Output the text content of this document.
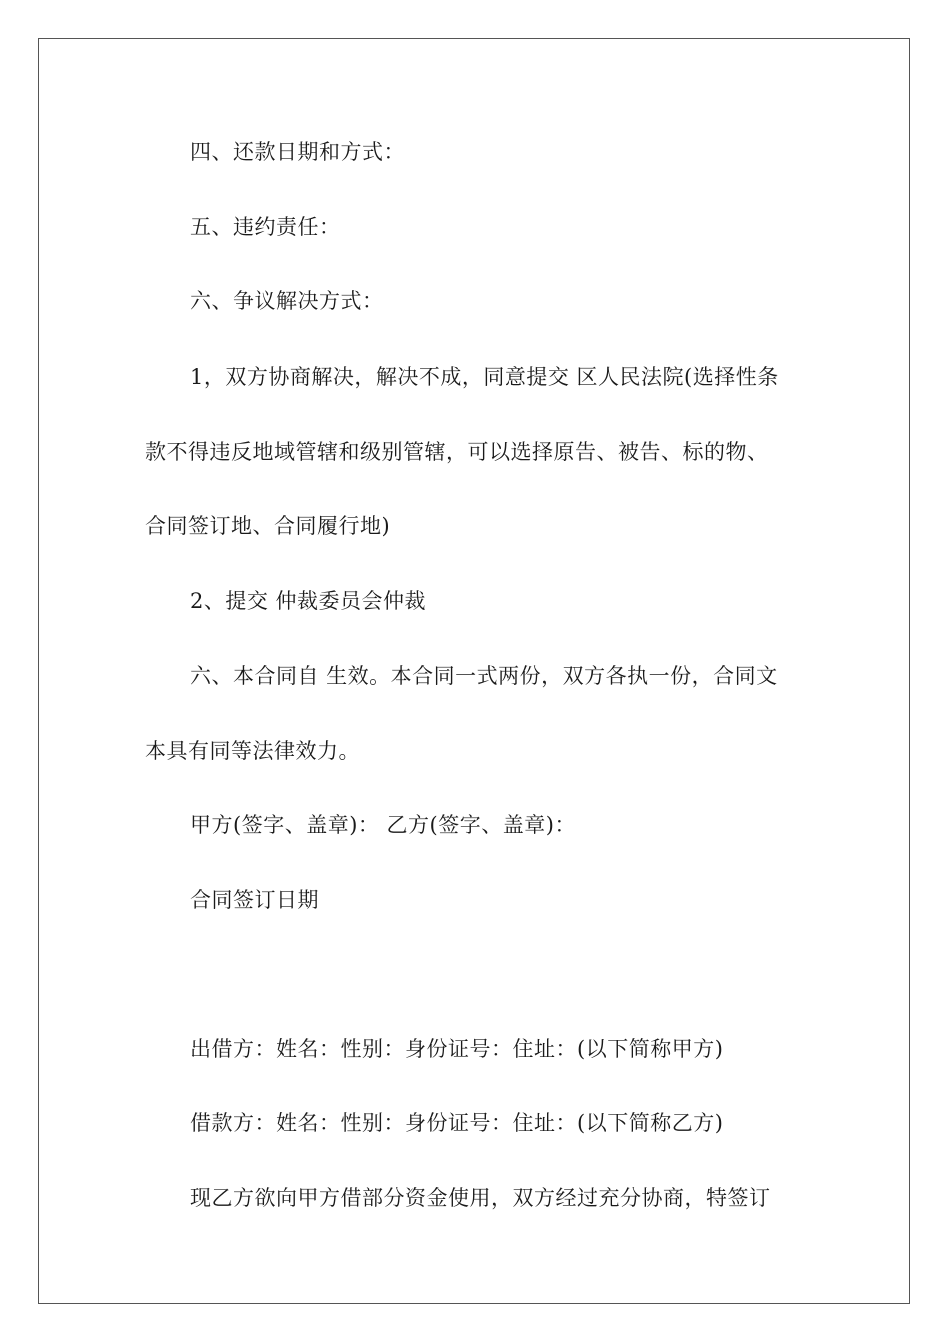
四、还款日期和方式：
五、违约责任：
六、争议解决方式：
1，双方协商解决，解决不成，同意提交 区人民法院(选择性条
款不得违反地域管辖和级别管辖，可以选择原告、被告、标的物、
合同签订地、合同履行地)
2、提交 仲裁委员会仲裁
六、本合同自 生效。本合同一式两份，双方各执一份，合同文
本具有同等法律效力。
甲方(签字、盖章)： 乙方(签字、盖章)：
合同签订日期
出借方：姓名：性别：身份证号：住址：(以下简称甲方)
借款方：姓名：性别：身份证号：住址：(以下简称乙方)
现乙方欲向甲方借部分资金使用，双方经过充分协商，特签订
